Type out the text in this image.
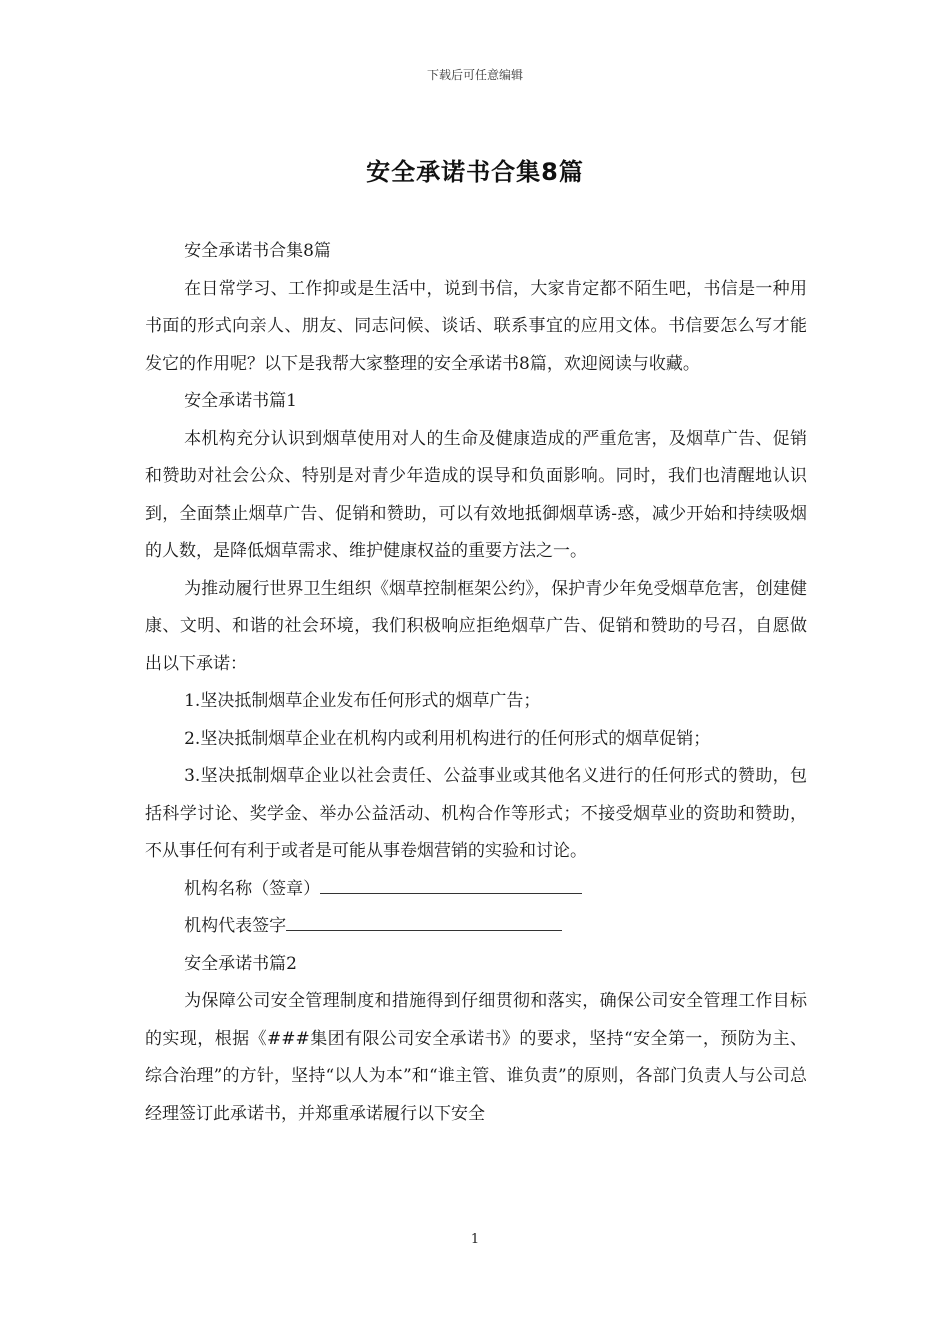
下载后可任意编辑
安全承诺书合集8篇

安全承诺书合集8篇

在日常学习、工作抑或是生活中，说到书信，大家肯定都不陌生吧，书信是一种用书面的形式向亲人、朋友、同志问候、谈话、联系事宜的应用文体。书信要怎么写才能发它的作用呢？以下是我帮大家整理的安全承诺书8篇，欢迎阅读与收藏。

安全承诺书篇1

本机构充分认识到烟草使用对人的生命及健康造成的严重危害，及烟草广告、促销和赞助对社会公众、特别是对青少年造成的误导和负面影响。同时，我们也清醒地认识到，全面禁止烟草广告、促销和赞助，可以有效地抵御烟草诱-惑，减少开始和持续吸烟的人数，是降低烟草需求、维护健康权益的重要方法之一。

为推动履行世界卫生组织《烟草控制框架公约》，保护青少年免受烟草危害，创建健康、文明、和谐的社会环境，我们积极响应拒绝烟草广告、促销和赞助的号召，自愿做出以下承诺：

1.坚决抵制烟草企业发布任何形式的烟草广告；

2.坚决抵制烟草企业在机构内或利用机构进行的任何形式的烟草促销；

3.坚决抵制烟草企业以社会责任、公益事业或其他名义进行的任何形式的赞助，包括科学讨论、奖学金、举办公益活动、机构合作等形式；不接受烟草业的资助和赞助，不从事任何有利于或者是可能从事卷烟营销的实验和讨论。

机构名称（签章）

机构代表签字

安全承诺书篇2

为保障公司安全管理制度和措施得到仔细贯彻和落实，确保公司安全管理工作目标的实现，根据《###集团有限公司安全承诺书》的要求，坚持“安全第一，预防为主、综合治理”的方针，坚持“以人为本”和“谁主管、谁负责”的原则，各部门负责人与公司总经理签订此承诺书，并郑重承诺履行以下安全

1
